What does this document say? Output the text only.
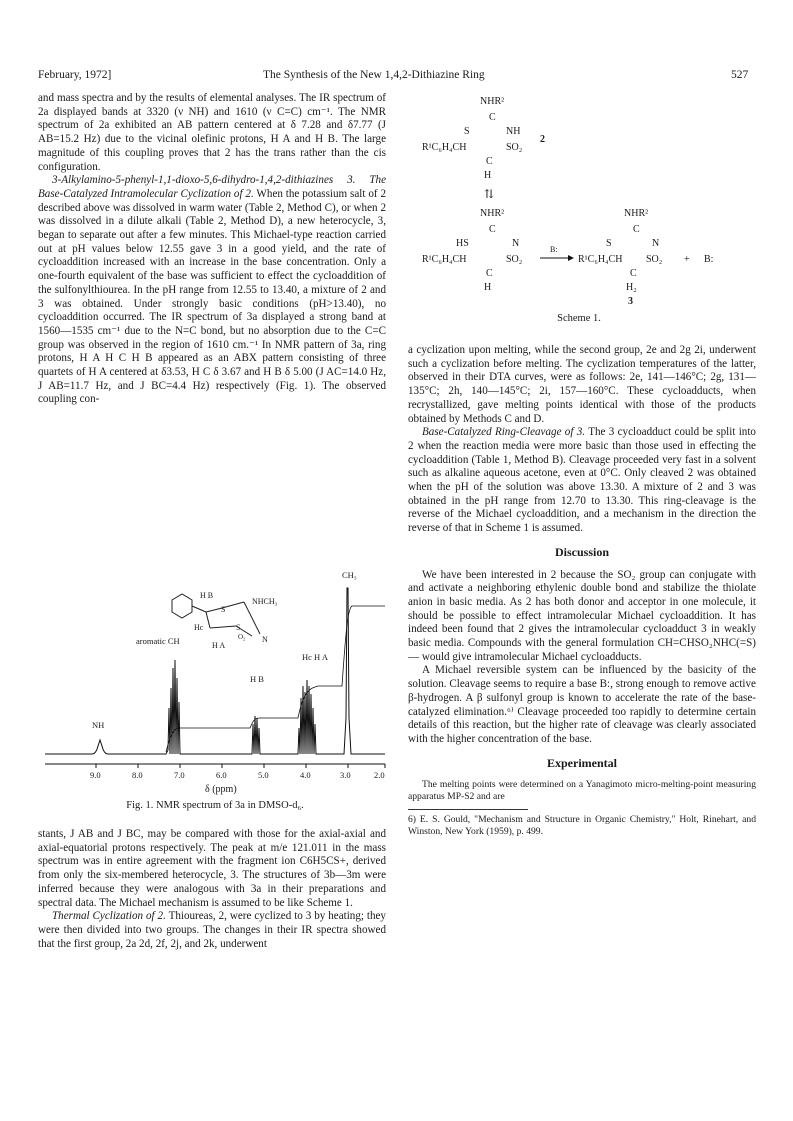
February, 1972]	The Synthesis of the New 1,4,2-Dithiazine Ring	527

and mass spectra and by the results of elemental analyses. The IR spectrum of 2a displayed bands at 3320 (ν NH) and 1610 (ν C=C) cm⁻¹. The NMR spectrum of 2a exhibited an AB pattern centered at δ 7.28 and δ7.77 (J AB=15.2 Hz) due to the vicinal olefinic protons, H A and H B. The large magnitude of this coupling proves that 2 has the trans rather than the cis configuration.

3-Alkylamino-5-phenyl-1,1-dioxo-5,6-dihydro-1,4,2-dithiazines 3. The Base-Catalyzed Intramolecular Cyclization of 2. When the potassium salt of 2 described above was dissolved in warm water (Table 2, Method C), or when 2 was dissolved in a dilute alkali (Table 2, Method D), a new heterocycle, 3, began to separate out after a few minutes. This Michael-type reaction carried out at pH values below 12.55 gave 3 in a good yield, and the rate of cycloaddition increased with an increase in the base concentration. Only a one-fourth equivalent of the base was sufficient to effect the cycloaddition of the sulfonylthiourea. In the pH range from 12.55 to 13.40, a mixture of 2 and 3 was obtained. Under strongly basic conditions (pH>13.40), no cycloaddition occurred. The IR spectrum of 3a displayed a strong band at 1560—1535 cm⁻¹ due to the N=C bond, but no absorption due to the C=C group was observed in the region of 1610 cm.⁻¹ In NMR pattern of 3a, ring protons, H A H C H B appeared as an ABX pattern consisting of three quartets of H A centered at δ3.53, H C δ 3.67 and H B δ 5.00 (J AC=14.0 Hz, J AB=11.7 Hz, and J BC=4.4 Hz) respectively (Fig. 1). The observed coupling con-

H B
S
NHCH₃
Hc	S
O₂ N
H A
CH₃
aromatic CH
NH
H B
Hc H A
9.0	8.0	7.0	6.0	5.0	4.0	3.0	2.0
δ (ppm)
Fig. 1. NMR spectrum of 3a in DMSO-d₆.

stants, J AB and J BC, may be compared with those for the axial-axial and axial-equatorial protons respectively. The peak at m/e 121.011 in the mass spectrum was in entire agreement with the fragment ion C6H5CS+, derived from only the six-membered heterocycle, 3. The structures of 3b—3m were inferred because they were analogous with 3a in their preparations and spectral data. The Michael mechanism is assumed to be like Scheme 1.

Thermal Cyclization of 2. Thioureas, 2, were cyclized to 3 by heating; they were then divided into two groups. The changes in their IR spectra showed that the first group, 2a 2d, 2f, 2j, and 2k, underwent

NHR²
C
S	NH
R¹C₆H₄CH	SO₂
C
H
2
⇅
NHR²
C
HS	N
R¹C₆H₄CH	SO₂
C
H
B:
NHR²
C
S	N
R¹C₆H₄CH SO₂
C
H₂
3
+ B:
Scheme 1.

a cyclization upon melting, while the second group, 2e and 2g 2i, underwent such a cyclization before melting. The cyclization temperatures of the latter, observed in their DTA curves, were as follows: 2e, 141—146°C; 2g, 131—135°C; 2h, 140—145°C; 2i, 157—160°C. These cycloadducts, when recrystallized, gave melting points identical with those of the products obtained by Methods C and D.

Base-Catalyzed Ring-Cleavage of 3. The 3 cycloadduct could be split into 2 when the reaction media were more basic than those used in effecting the cycloaddition (Table 1, Method B). Cleavage proceeded very fast in a solvent such as alkaline aqueous acetone, even at 0°C. Only cleaved 2 was obtained when the pH of the solution was above 13.30. A mixture of 2 and 3 was obtained in the pH range from 12.70 to 13.30. This ring-cleavage is the reverse of the Michael cycloaddition, and a mechanism in the direction the reverse of that in Scheme 1 is assumed.

Discussion

We have been interested in 2 because the SO₂ group can conjugate with and activate a neighboring ethylenic double bond and stabilize the thiolate anion in basic media. As 2 has both donor and acceptor in one molecule, it should be possible to effect intramolecular Michael cycloaddition. It has indeed been found that 2 gives the intramolecular cycloadduct 3 in weakly basic media. Compounds with the general formulation CH=CHSO₂NHC(=S)— would give intramolecular Michael cycloadducts.

A Michael reversible system can be influenced by the basicity of the solution. Cleavage seems to require a base B:, strong enough to remove active β-hydrogen. A β sulfonyl group is known to accelerate the rate of the base-catalyzed elimination.⁶⁾ Cleavage proceeded too rapidly to determine certain details of this reaction, but the higher rate of cleavage was clearly associated with the higher concentration of the base.

Experimental

The melting points were determined on a Yanagimoto micro-melting-point measuring apparatus MP-S2 and are

6) E. S. Gould, "Mechanism and Structure in Organic Chemistry," Holt, Rinehart, and Winston, New York (1959), p. 499.
